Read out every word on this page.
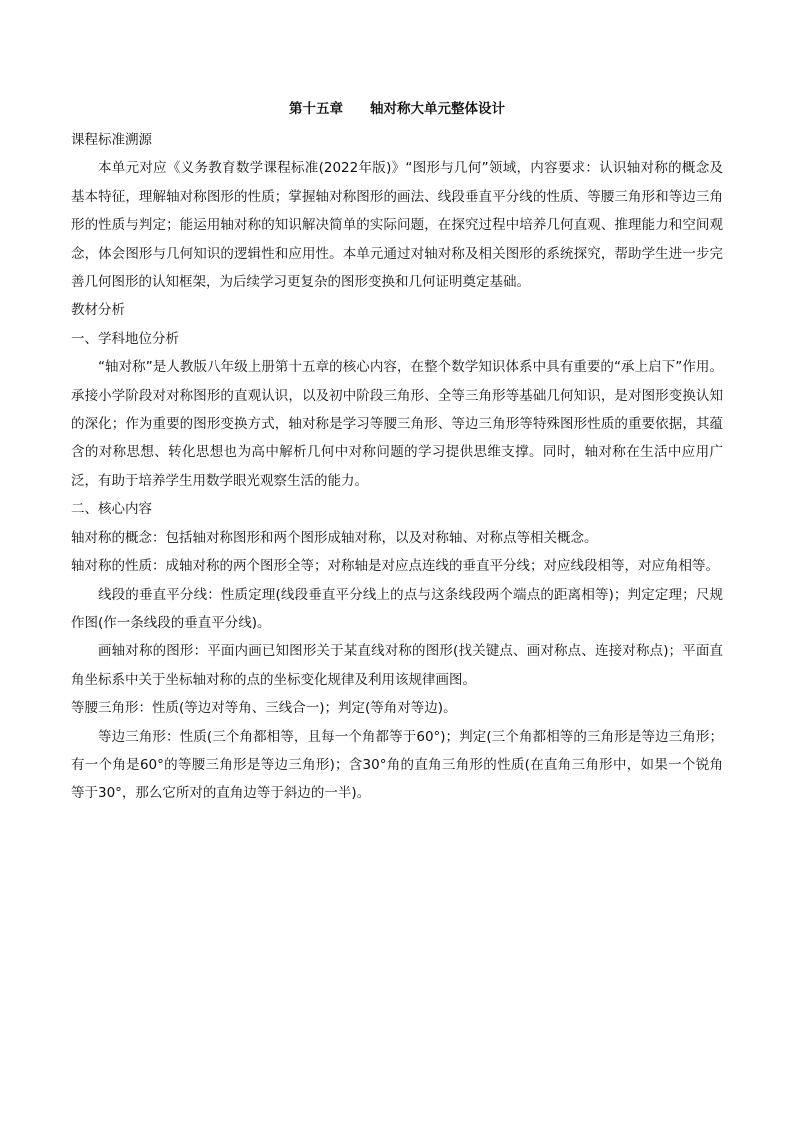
第十五章　　轴对称大单元整体设计
课程标准溯源

本单元对应《义务教育数学课程标准(2022年版)》“图形与几何”领域，内容要求：认识轴对称的概念及基本特征，理解轴对称图形的性质；掌握轴对称图形的画法、线段垂直平分线的性质、等腰三角形和等边三角形的性质与判定；能运用轴对称的知识解决简单的实际问题，在探究过程中培养几何直观、推理能力和空间观念，体会图形与几何知识的逻辑性和应用性。本单元通过对轴对称及相关图形的系统探究，帮助学生进一步完善几何图形的认知框架，为后续学习更复杂的图形变换和几何证明奠定基础。

教材分析
一、学科地位分析

“轴对称”是人教版八年级上册第十五章的核心内容，在整个数学知识体系中具有重要的“承上启下”作用。承接小学阶段对对称图形的直观认识，以及初中阶段三角形、全等三角形等基础几何知识，是对图形变换认知的深化；作为重要的图形变换方式，轴对称是学习等腰三角形、等边三角形等特殊图形性质的重要依据，其蕴含的对称思想、转化思想也为高中解析几何中对称问题的学习提供思维支撑。同时，轴对称在生活中应用广泛，有助于培养学生用数学眼光观察生活的能力。

二、核心内容

轴对称的概念：包括轴对称图形和两个图形成轴对称，以及对称轴、对称点等相关概念。

轴对称的性质：成轴对称的两个图形全等；对称轴是对应点连线的垂直平分线；对应线段相等，对应角相等。

线段的垂直平分线：性质定理(线段垂直平分线上的点与这条线段两个端点的距离相等)；判定定理；尺规作图(作一条线段的垂直平分线)。

画轴对称的图形：平面内画已知图形关于某直线对称的图形(找关键点、画对称点、连接对称点)；平面直角坐标系中关于坐标轴对称的点的坐标变化规律及利用该规律画图。

等腰三角形：性质(等边对等角、三线合一)；判定(等角对等边)。

等边三角形：性质(三个角都相等，且每一个角都等于60°)；判定(三个角都相等的三角形是等边三角形；有一个角是60°的等腰三角形是等边三角形)；含30°角的直角三角形的性质(在直角三角形中，如果一个锐角等于30°，那么它所对的直角边等于斜边的一半)。
